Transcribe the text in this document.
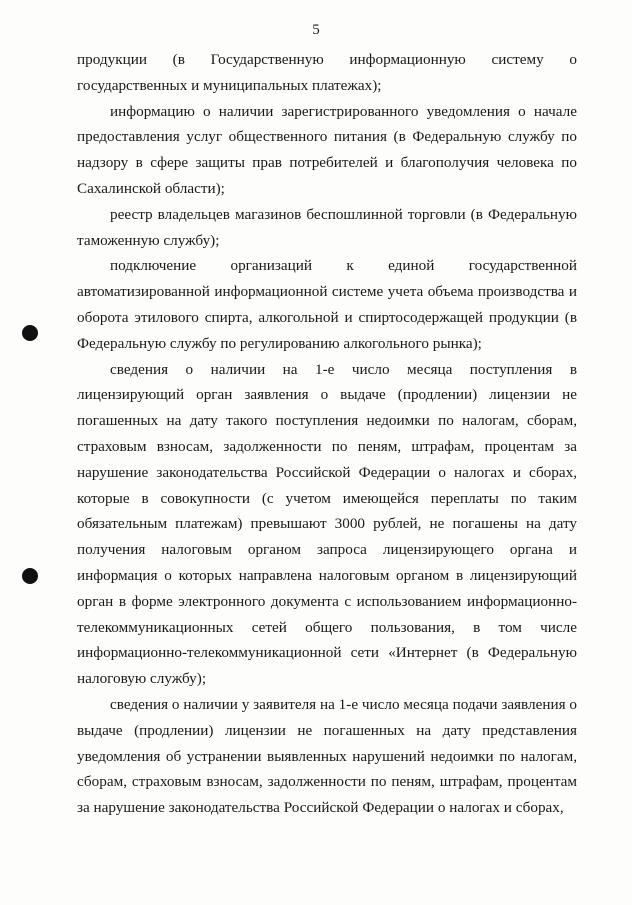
5

продукции (в Государственную информационную систему о государственных и муниципальных платежах);

информацию о наличии зарегистрированного уведомления о начале предоставления услуг общественного питания (в Федеральную службу по надзору в сфере защиты прав потребителей и благополучия человека по Сахалинской области);

реестр владельцев магазинов беспошлинной торговли (в Федеральную таможенную службу);

подключение организаций к единой государственной автоматизированной информационной системе учета объема производства и оборота этилового спирта, алкогольной и спиртосодержащей продукции (в Федеральную службу по регулированию алкогольного рынка);

сведения о наличии на 1-е число месяца поступления в лицензирующий орган заявления о выдаче (продлении) лицензии не погашенных на дату такого поступления недоимки по налогам, сборам, страховым взносам, задолженности по пеням, штрафам, процентам за нарушение законодательства Российской Федерации о налогах и сборах, которые в совокупности (с учетом имеющейся переплаты по таким обязательным платежам) превышают 3000 рублей, не погашены на дату получения налоговым органом запроса лицензирующего органа и информация о которых направлена налоговым органом в лицензирующий орган в форме электронного документа с использованием информационно-телекоммуникационных сетей общего пользования, в том числе информационно-телекоммуникационной сети «Интернет (в Федеральную налоговую службу);

сведения о наличии у заявителя на 1-е число месяца подачи заявления о выдаче (продлении) лицензии не погашенных на дату представления уведомления об устранении выявленных нарушений недоимки по налогам, сборам, страховым взносам, задолженности по пеням, штрафам, процентам за нарушение законодательства Российской Федерации о налогах и сборах,
